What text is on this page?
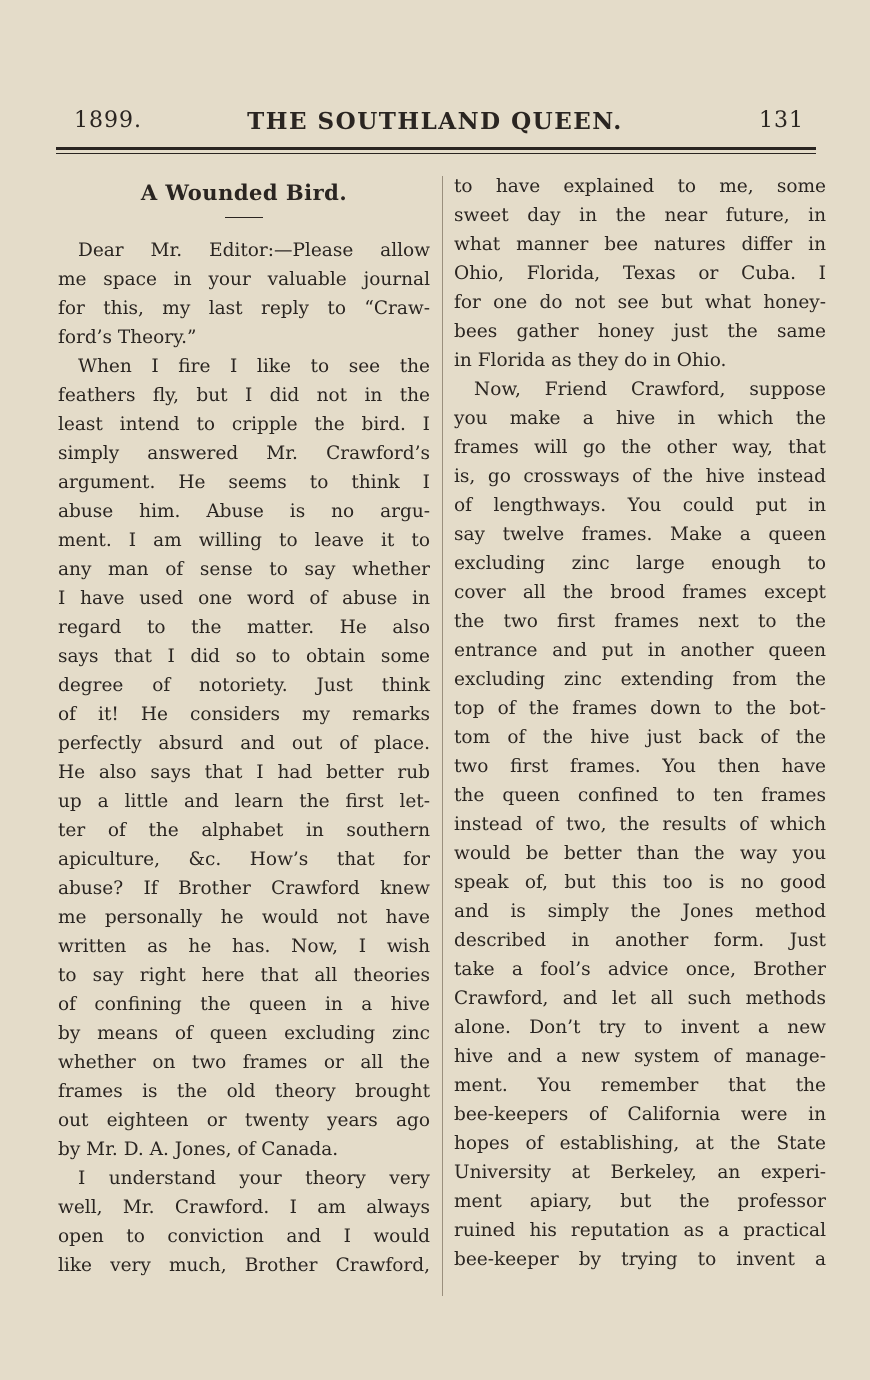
1899.	THE SOUTHLAND QUEEN.	131
A Wounded Bird.
Dear Mr. Editor:—Please allow
me space in your valuable journal
for this, my last reply to “Craw-
ford’s Theory.”
When I fire I like to see the
feathers fly, but I did not in the
least intend to cripple the bird. I
simply answered Mr. Crawford’s
argument. He seems to think I
abuse him. Abuse is no argu-
ment. I am willing to leave it to
any man of sense to say whether
I have used one word of abuse in
regard to the matter. He also
says that I did so to obtain some
degree of notoriety. Just think
of it! He considers my remarks
perfectly absurd and out of place.
He also says that I had better rub
up a little and learn the first let-
ter of the alphabet in southern
apiculture, &c. How’s that for
abuse? If Brother Crawford knew
me personally he would not have
written as he has. Now, I wish
to say right here that all theories
of confining the queen in a hive
by means of queen excluding zinc
whether on two frames or all the
frames is the old theory brought
out eighteen or twenty years ago
by Mr. D. A. Jones, of Canada.
I understand your theory very
well, Mr. Crawford. I am always
open to conviction and I would
like very much, Brother Crawford,
to have explained to me, some
sweet day in the near future, in
what manner bee natures differ in
Ohio, Florida, Texas or Cuba. I
for one do not see but what honey-
bees gather honey just the same
in Florida as they do in Ohio.
Now, Friend Crawford, suppose
you make a hive in which the
frames will go the other way, that
is, go crossways of the hive instead
of lengthways. You could put in
say twelve frames. Make a queen
excluding zinc large enough to
cover all the brood frames except
the two first frames next to the
entrance and put in another queen
excluding zinc extending from the
top of the frames down to the bot-
tom of the hive just back of the
two first frames. You then have
the queen confined to ten frames
instead of two, the results of which
would be better than the way you
speak of, but this too is no good
and is simply the Jones method
described in another form. Just
take a fool’s advice once, Brother
Crawford, and let all such methods
alone. Don’t try to invent a new
hive and a new system of manage-
ment. You remember that the
bee-keepers of California were in
hopes of establishing, at the State
University at Berkeley, an experi-
ment apiary, but the professor
ruined his reputation as a practical
bee-keeper by trying to invent a
